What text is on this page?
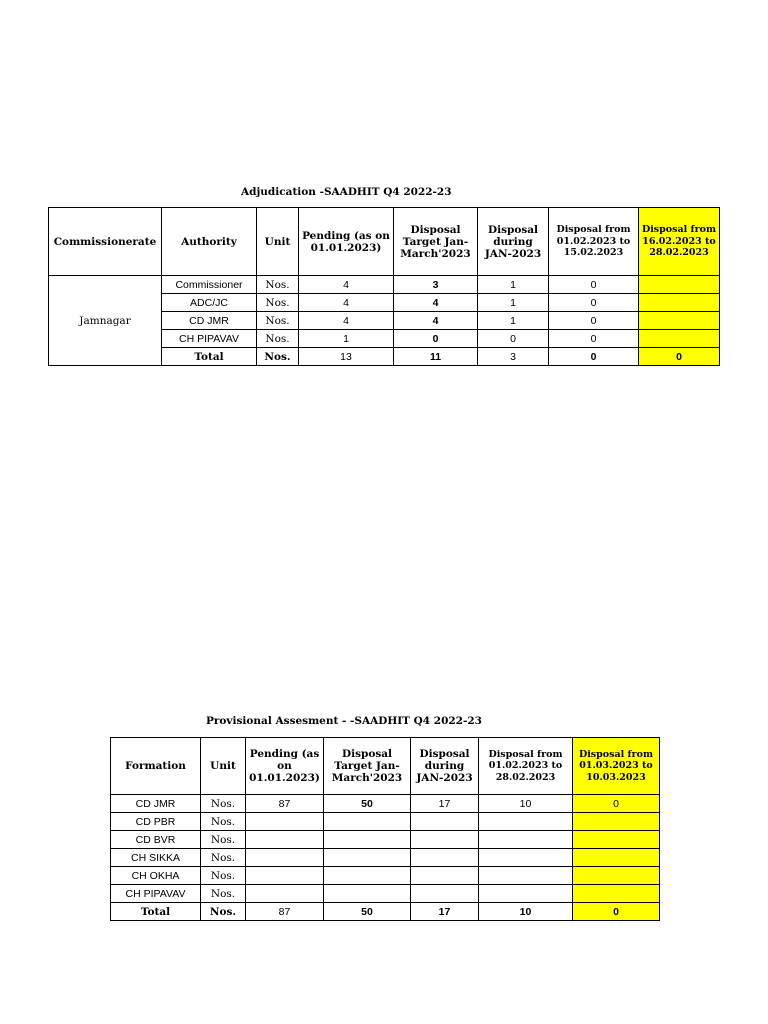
Adjudication -SAADHIT Q4 2022-23
Commissionerate	Authority	Unit	Pending (as on 01.01.2023)	Disposal Target Jan-March'2023	Disposal during JAN-2023	Disposal from 01.02.2023 to 15.02.2023	Disposal from 16.02.2023 to 28.02.2023
Jamnagar	Commissioner	Nos.	4	3	1	0	
	ADC/JC	Nos.	4	4	1	0	
	CD JMR	Nos.	4	4	1	0	
	CH PIPAVAV	Nos.	1	0	0	0	
	Total	Nos.	13	11	3	0	0
Provisional Assesment - -SAADHIT Q4 2022-23
Formation	Unit	Pending (as on 01.01.2023)	Disposal Target Jan-March'2023	Disposal during JAN-2023	Disposal from 01.02.2023 to 28.02.2023	Disposal from 01.03.2023 to 10.03.2023
CD JMR	Nos.	87	50	17	10	0
CD PBR	Nos.					
CD BVR	Nos.					
CH SIKKA	Nos.					
CH OKHA	Nos.					
CH PIPAVAV	Nos.					
Total	Nos.	87	50	17	10	0
